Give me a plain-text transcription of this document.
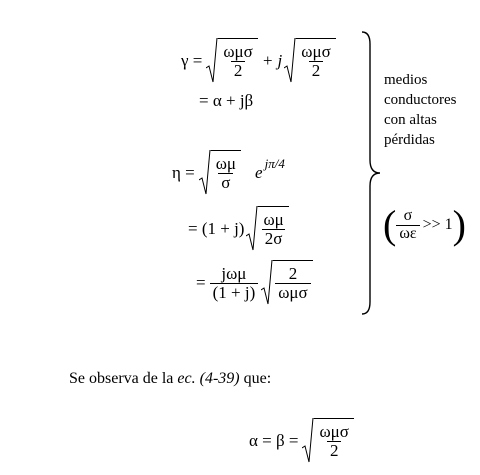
$\gamma = \frac{\text{ωμσ}}{2} + j \frac{\text{ωμσ}}{2}$
= α + jβ
$\eta = \frac{\omega\mu}{\sigma}$ e jπ/4
= $(1 + j) \frac{\omega\mu}{2\sigma}$
= $\frac{\text{jωμ}}{(1 + j)} \frac{2}{\text{ωμσ}}$
medios
conductores
con altas
pérdidas
( $\frac{\sigma}{\omega\varepsilon} >> 1$ )
Se observa de la ec. (4-39) que:
$\alpha = \beta = \frac{\text{ωμσ}}{2}$
